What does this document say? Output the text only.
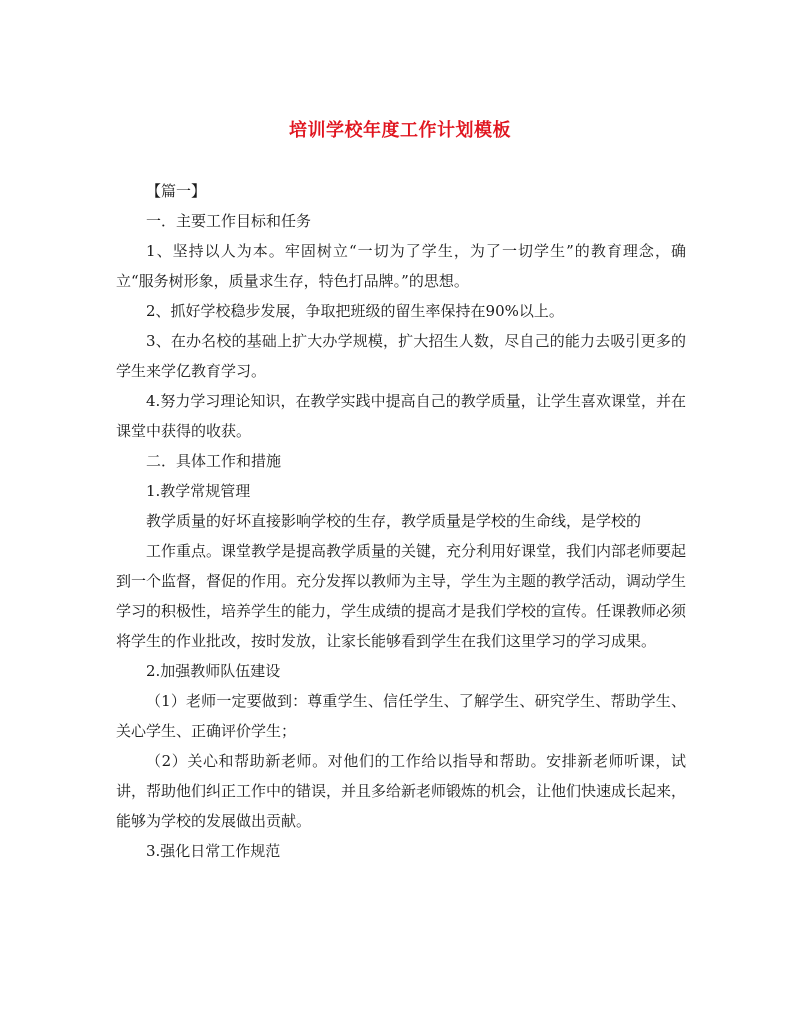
培训学校年度工作计划模板

【篇一】

一．主要工作目标和任务

1、坚持以人为本。牢固树立“一切为了学生，为了一切学生”的教育理念，确立“服务树形象，质量求生存，特色打品牌。”的思想。

2、抓好学校稳步发展，争取把班级的留生率保持在90%以上。

3、在办名校的基础上扩大办学规模，扩大招生人数，尽自己的能力去吸引更多的学生来学亿教育学习。

4.努力学习理论知识，在教学实践中提高自己的教学质量，让学生喜欢课堂，并在课堂中获得的收获。

二．具体工作和措施

1.教学常规管理

教学质量的好坏直接影响学校的生存，教学质量是学校的生命线，是学校的

工作重点。课堂教学是提高教学质量的关键，充分利用好课堂，我们内部老师要起到一个监督，督促的作用。充分发挥以教师为主导，学生为主题的教学活动，调动学生学习的积极性，培养学生的能力，学生成绩的提高才是我们学校的宣传。任课教师必须将学生的作业批改，按时发放，让家长能够看到学生在我们这里学习的学习成果。

2.加强教师队伍建设

（1）老师一定要做到：尊重学生、信任学生、了解学生、研究学生、帮助学生、关心学生、正确评价学生；

（2）关心和帮助新老师。对他们的工作给以指导和帮助。安排新老师听课，试讲，帮助他们纠正工作中的错误，并且多给新老师锻炼的机会，让他们快速成长起来，能够为学校的发展做出贡献。

3.强化日常工作规范
